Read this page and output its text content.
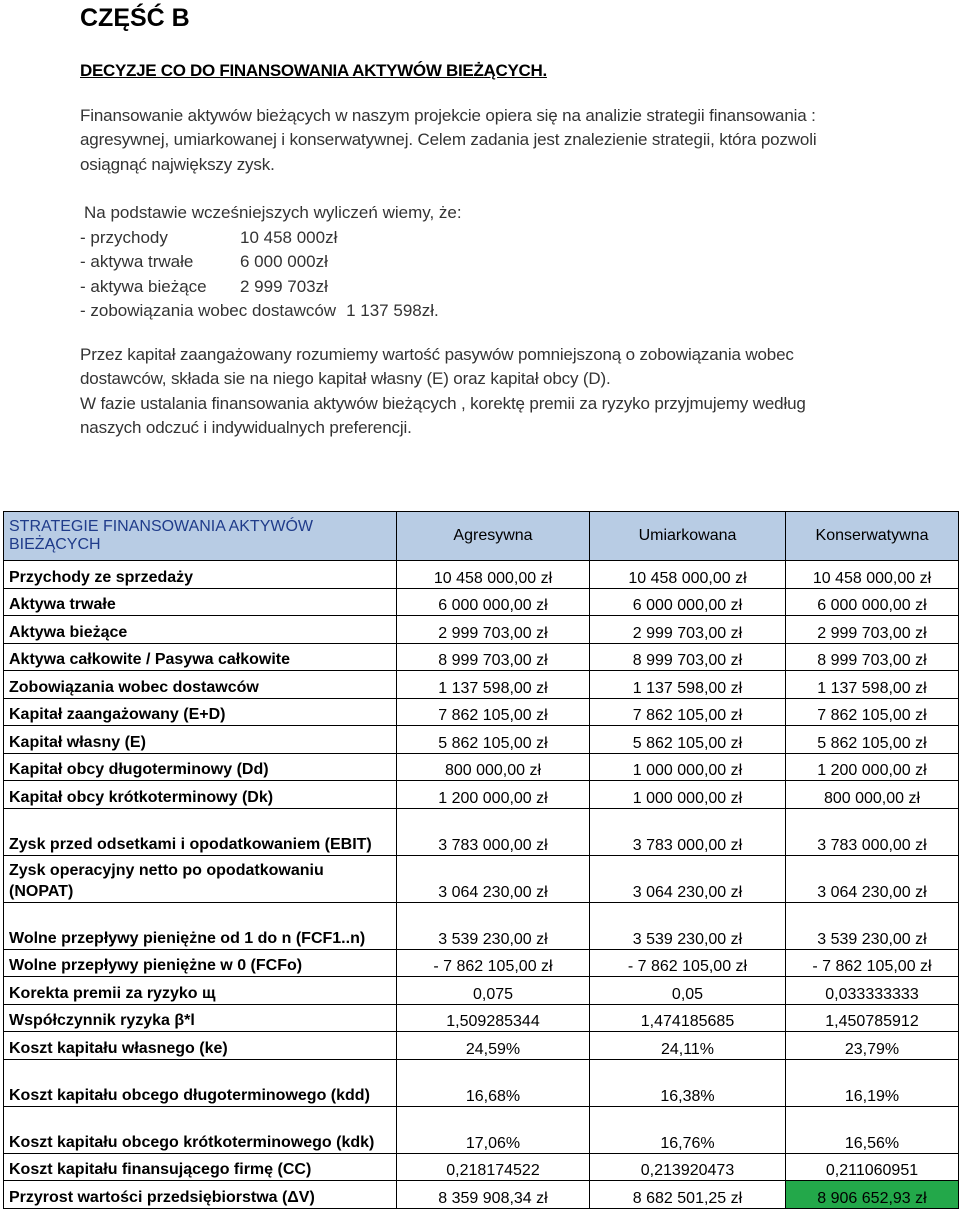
CZĘŚĆ B
DECYZJE CO DO FINANSOWANIA AKTYWÓW BIEŻĄCYCH.

Finansowanie aktywów bieżących w naszym projekcie opiera się na analizie strategii finansowania : agresywnej, umiarkowanej i konserwatywnej. Celem zadania jest znalezienie strategii, która pozwoli osiągnąć największy zysk.

Na podstawie wcześniejszych wyliczeń wiemy, że:
- przychody	10 458 000zł
- aktywa trwałe	6 000 000zł
- aktywa bieżące 2 999 703zł
- zobowiązania wobec dostawców 1 137 598zł.
Przez kapitał zaangażowany rozumiemy wartość pasywów pomniejszoną o zobowiązania wobec
dostawców, składa sie na niego kapitał własny (E) oraz kapitał obcy (D).
W fazie ustalania finansowania aktywów bieżących , korektę premii za ryzyko przyjmujemy według
naszych odczuć i indywidualnych preferencji.
STRATEGIE FINANSOWANIA AKTYWÓW BIEŻĄCYCH	Agresywna	Umiarkowana	Konserwatywna
Przychody ze sprzedaży	10 458 000,00 zł	10 458 000,00 zł	10 458 000,00 zł
Aktywa trwałe	6 000 000,00 zł	6 000 000,00 zł	6 000 000,00 zł
Aktywa bieżące	2 999 703,00 zł	2 999 703,00 zł	2 999 703,00 zł
Aktywa całkowite / Pasywa całkowite	8 999 703,00 zł	8 999 703,00 zł	8 999 703,00 zł
Zobowiązania wobec dostawców	1 137 598,00 zł	1 137 598,00 zł	1 137 598,00 zł
Kapitał zaangażowany (E+D)	7 862 105,00 zł	7 862 105,00 zł	7 862 105,00 zł
Kapitał własny (E)	5 862 105,00 zł	5 862 105,00 zł	5 862 105,00 zł
Kapitał obcy długoterminowy (Dd)	800 000,00 zł	1 000 000,00 zł	1 200 000,00 zł
Kapitał obcy krótkoterminowy (Dk)	1 200 000,00 zł	1 000 000,00 zł	800 000,00 zł
Zysk przed odsetkami i opodatkowaniem (EBIT)	3 783 000,00 zł	3 783 000,00 zł	3 783 000,00 zł
Zysk operacyjny netto po opodatkowaniu (NOPAT)	3 064 230,00 zł	3 064 230,00 zł	3 064 230,00 zł
Wolne przepływy pieniężne od 1 do n (FCF1..n)	3 539 230,00 zł	3 539 230,00 zł	3 539 230,00 zł
Wolne przepływy pieniężne w 0 (FCFo)	- 7 862 105,00 zł	- 7 862 105,00 zł	- 7 862 105,00 zł
Korekta premii za ryzyko щ	0,075	0,05	0,033333333
Współczynnik ryzyka β*l	1,509285344	1,474185685	1,450785912
Koszt kapitału własnego (ke)	24,59%	24,11%	23,79%
Koszt kapitału obcego długoterminowego (kdd)	16,68%	16,38%	16,19%
Koszt kapitału obcego krótkoterminowego (kdk)	17,06%	16,76%	16,56%
Koszt kapitału finansującego firmę (CC)	0,218174522	0,213920473	0,211060951
Przyrost wartości przedsiębiorstwa (ΔV)	8 359 908,34 zł	8 682 501,25 zł	8 906 652,93 zł
